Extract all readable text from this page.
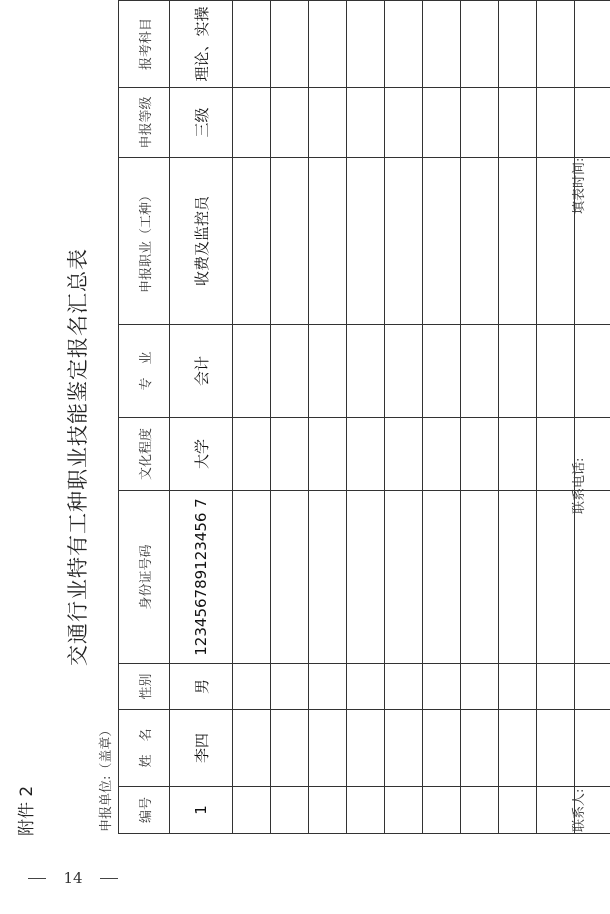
14
附件 2
交通行业特有工种职业技能鉴定报名汇总表
申报单位:（盖章） 编号	姓　名	性别	身份证号码	文化程度	专　业	申报职业（工种）	申报等级	报考科目
1	李四	男	123456789123456 7	大学	会计	收费及监控员	三级	理论、实操

联系人:
联系电话:
填表时间:
